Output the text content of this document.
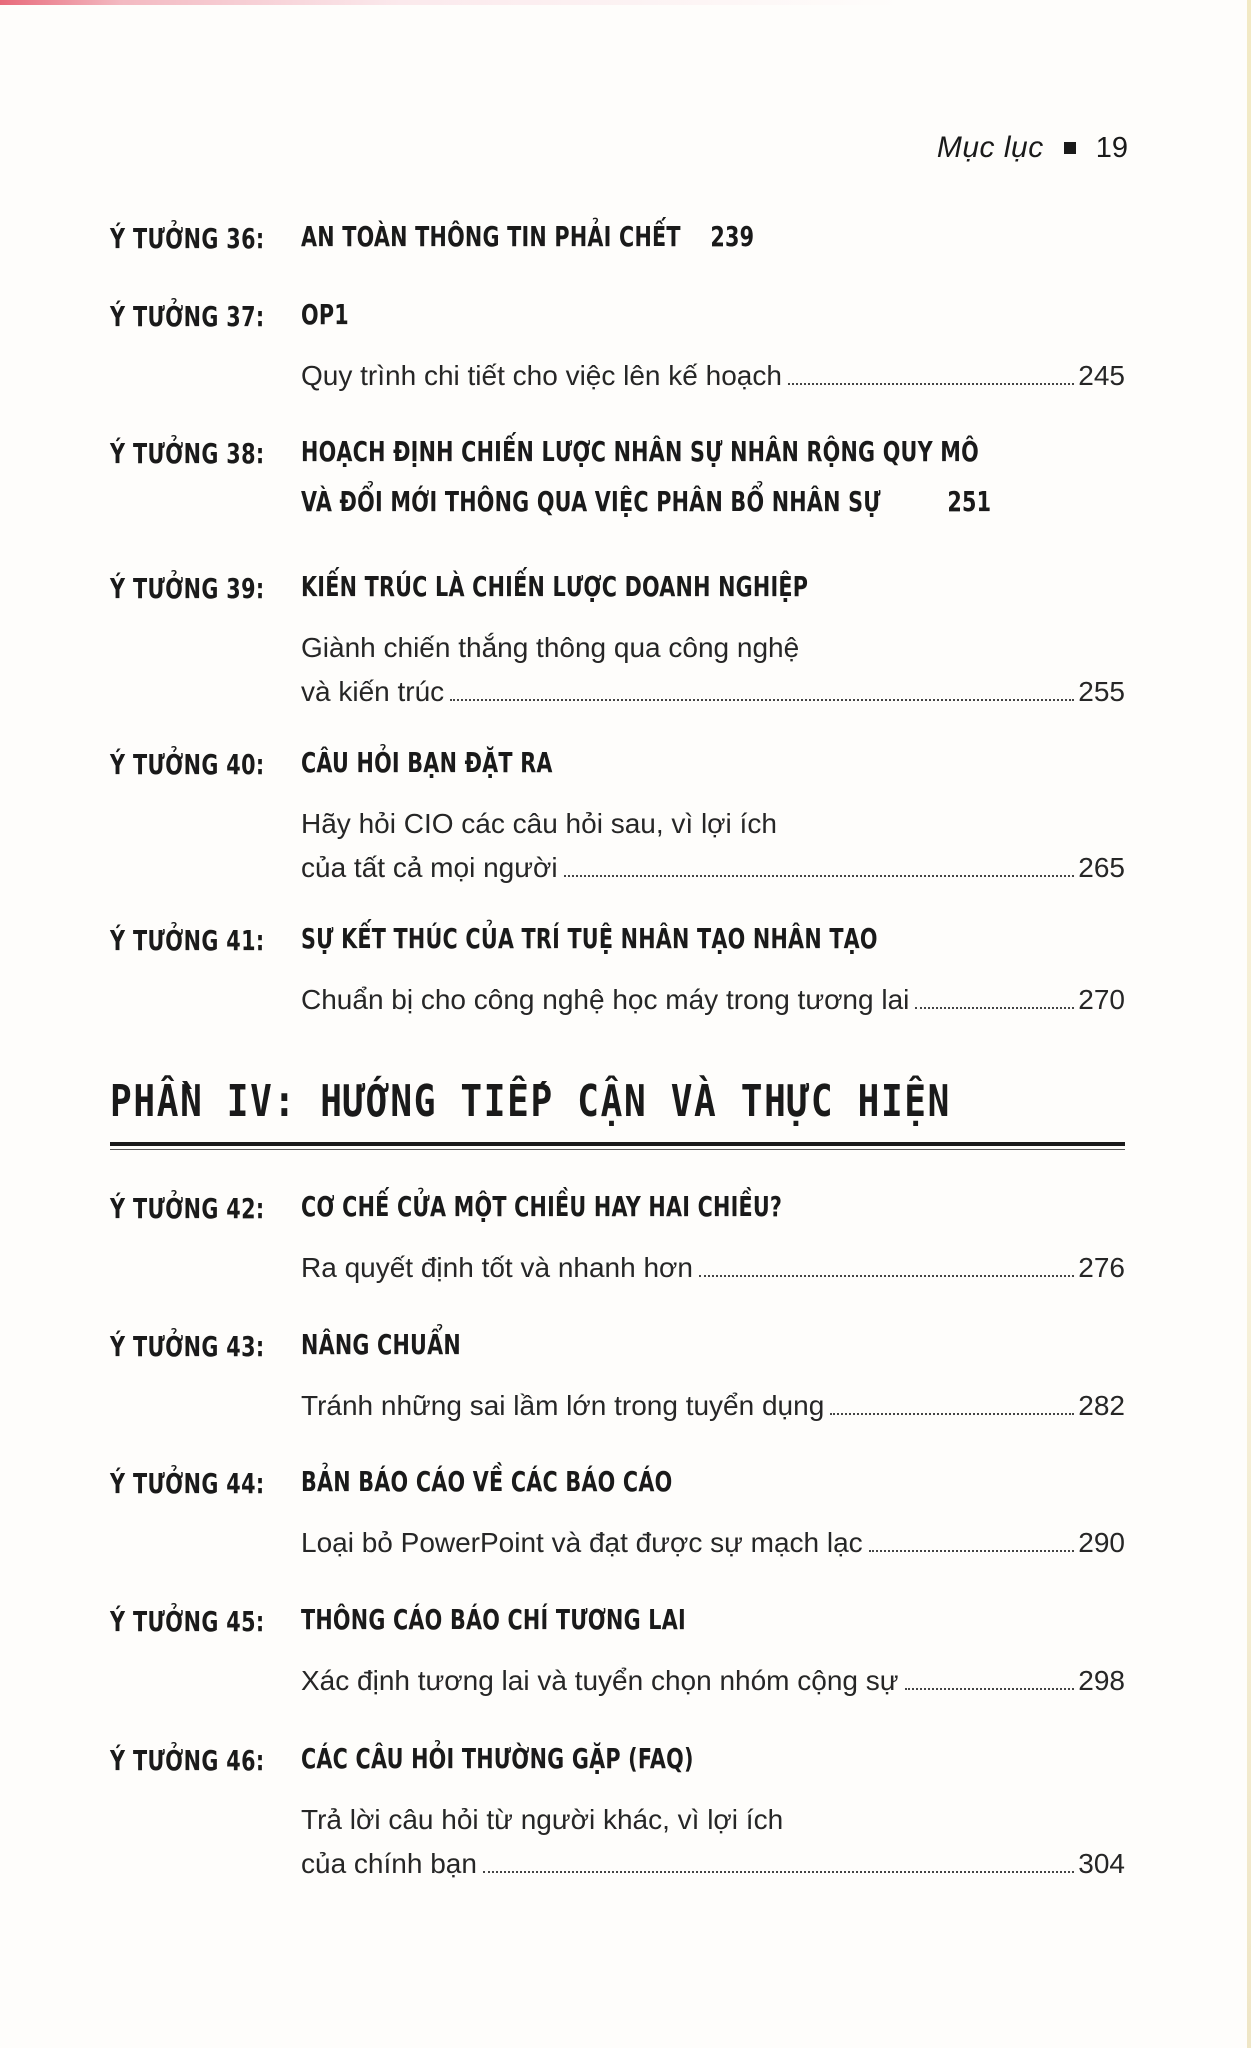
Mục lục 19
Ý TƯỞNG 36: AN TOÀN THÔNG TIN PHẢI CHẾT 239
Ý TƯỞNG 37: OP1
Quy trình chi tiết cho việc lên kế hoạch	245
Ý TƯỞNG 38: HOẠCH ĐỊNH CHIẾN LƯỢC NHÂN SỰ NHÂN RỘNG QUY MÔ
VÀ ĐỔI MỚI THÔNG QUA VIỆC PHÂN BỔ NHÂN SỰ 251
Ý TƯỞNG 39: KIẾN TRÚC LÀ CHIẾN LƯỢC DOANH NGHIỆP
Giành chiến thắng thông qua công nghệ
và kiến trúc	255
Ý TƯỞNG 40: CÂU HỎI BẠN ĐẶT RA
Hãy hỏi CIO các câu hỏi sau, vì lợi ích
của tất cả mọi người	265
Ý TƯỞNG 41: SỰ KẾT THÚC CỦA TRÍ TUỆ NHÂN TẠO NHÂN TẠO
Chuẩn bị cho công nghệ học máy trong tương lai	270
PHẦN IV: HƯỚNG TIẾP CẬN VÀ THỰC HIỆN
Ý TƯỞNG 42: CƠ CHẾ CỬA MỘT CHIỀU HAY HAI CHIỀU?
Ra quyết định tốt và nhanh hơn	276
Ý TƯỞNG 43: NÂNG CHUẨN
Tránh những sai lầm lớn trong tuyển dụng	282
Ý TƯỞNG 44: BẢN BÁO CÁO VỀ CÁC BÁO CÁO
Loại bỏ PowerPoint và đạt được sự mạch lạc	290
Ý TƯỞNG 45: THÔNG CÁO BÁO CHÍ TƯƠNG LAI
Xác định tương lai và tuyển chọn nhóm cộng sự	298
Ý TƯỞNG 46: CÁC CÂU HỎI THƯỜNG GẶP (FAQ)
Trả lời câu hỏi từ người khác, vì lợi ích
của chính bạn	304
